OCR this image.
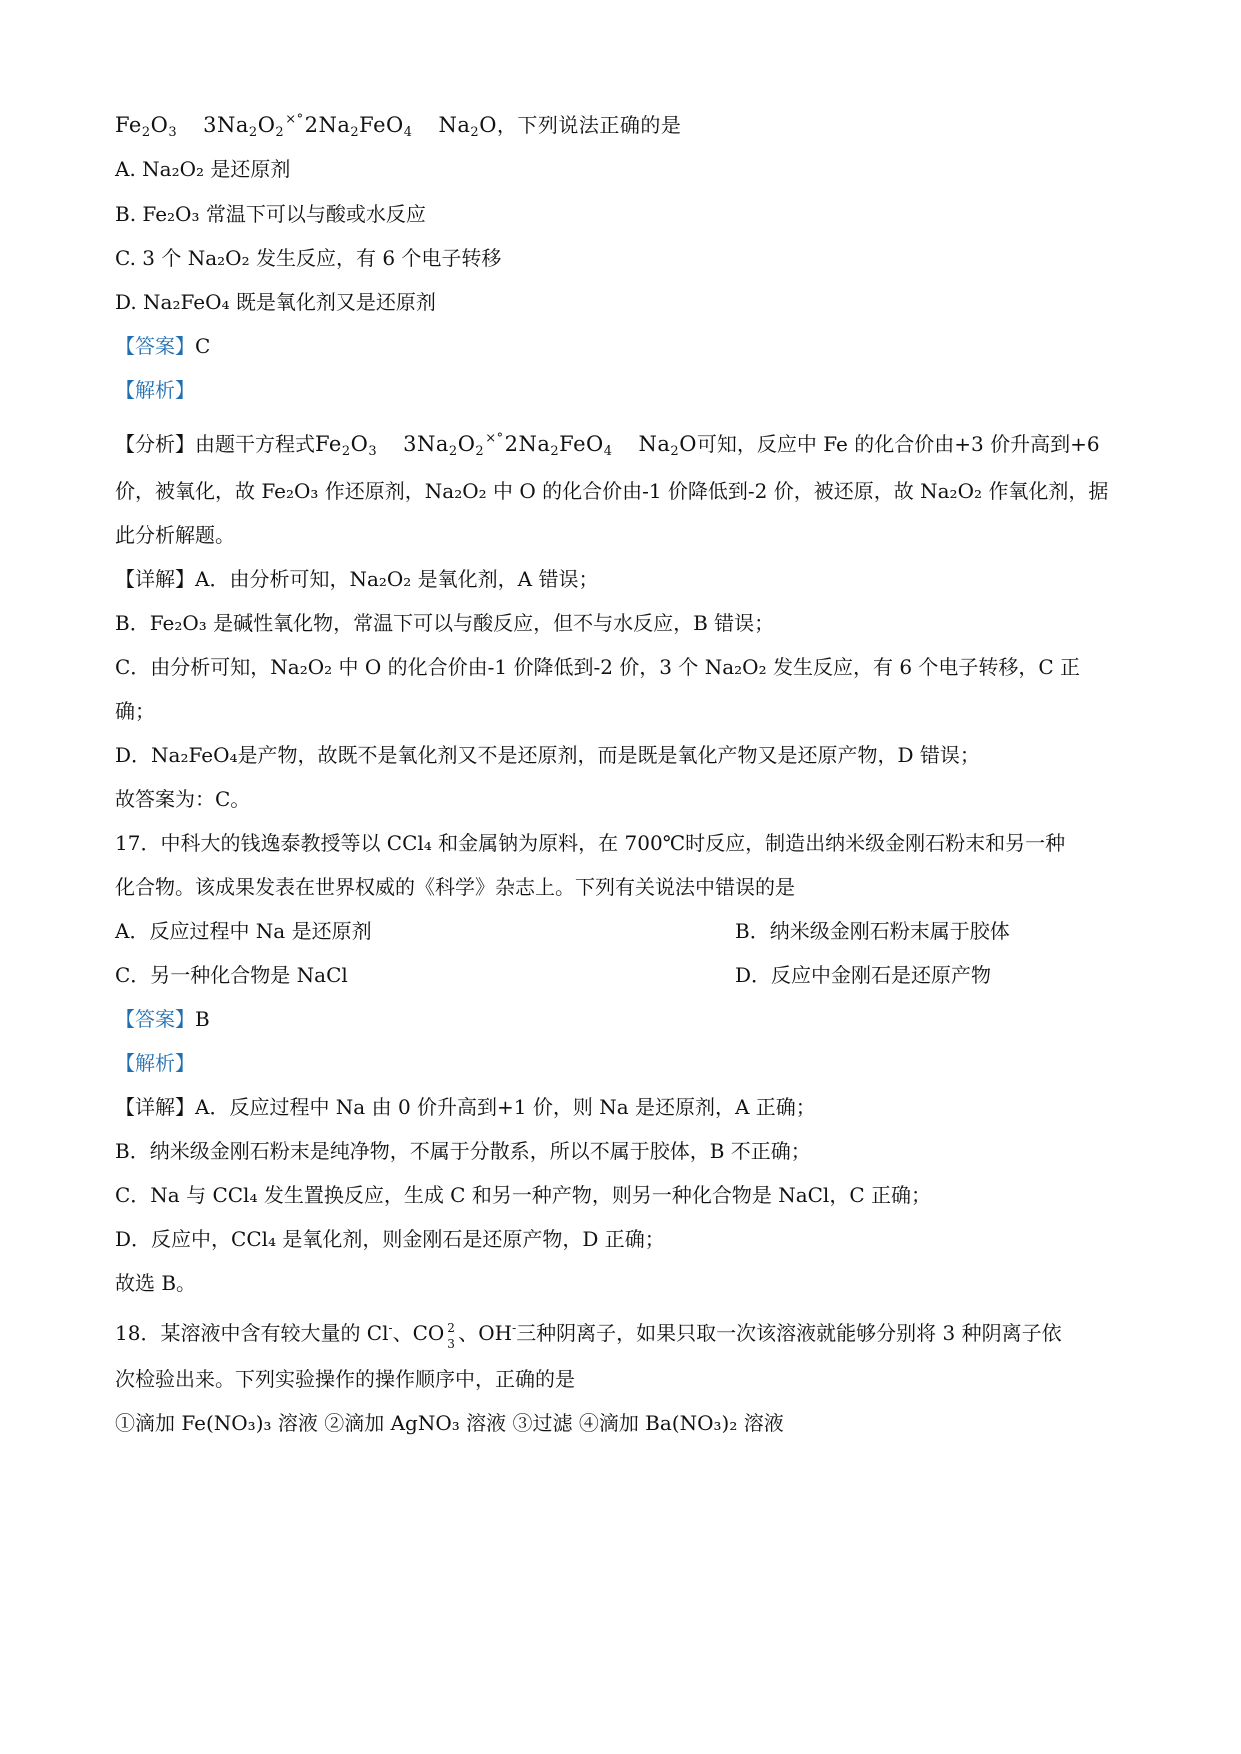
$Fe_2O_3$ $3Na_2O_2^{\times^\circ}2Na_2FeO_4$ $Na_2O$，下列说法正确的是
A. Na₂O₂ 是还原剂
B. Fe₂O₃ 常温下可以与酸或水反应
C. 3 个 Na₂O₂ 发生反应，有 6 个电子转移
D. Na₂FeO₄ 既是氧化剂又是还原剂
【答案】C
【解析】
【分析】由题干方程式$Fe_2O_3$ $3Na_2O_2^{\times^\circ}2Na_2FeO_4$ $Na_2O$可知，反应中 Fe 的化合价由+3 价升高到+6
价，被氧化，故 Fe₂O₃ 作还原剂，Na₂O₂ 中 O 的化合价由-1 价降低到-2 价，被还原，故 Na₂O₂ 作氧化剂，据
此分析解题。
【详解】A．由分析可知，Na₂O₂ 是氧化剂，A 错误；
B．Fe₂O₃ 是碱性氧化物，常温下可以与酸反应，但不与水反应，B 错误；
C．由分析可知，Na₂O₂ 中 O 的化合价由-1 价降低到-2 价，3 个 Na₂O₂ 发生反应，有 6 个电子转移，C 正
确；
D．Na₂FeO₄是产物，故既不是氧化剂又不是还原剂，而是既是氧化产物又是还原产物，D 错误；
故答案为：C。
17．中科大的钱逸泰教授等以 CCl₄ 和金属钠为原料，在 700℃时反应，制造出纳米级金刚石粉末和另一种
化合物。该成果发表在世界权威的《科学》杂志上。下列有关说法中错误的是
A．反应过程中 Na 是还原剂	B．纳米级金刚石粉末属于胶体
C．另一种化合物是 NaCl	D．反应中金刚石是还原产物
【答案】B
【解析】
【详解】A．反应过程中 Na 由 0 价升高到+1 价，则 Na 是还原剂，A 正确；
B．纳米级金刚石粉末是纯净物，不属于分散系，所以不属于胶体，B 不正确；
C．Na 与 CCl₄ 发生置换反应，生成 C 和另一种产物，则另一种化合物是 NaCl，C 正确；
D．反应中，CCl₄ 是氧化剂，则金刚石是还原产物，D 正确；
故选 B。
18．某溶液中含有较大量的 Cl-、CO 2
3 、OH-三种阴离子，如果只取一次该溶液就能够分别将 3 种阴离子依
次检验出来。下列实验操作的操作顺序中，正确的是
①滴加 Fe(NO₃)₃ 溶液 ②滴加 AgNO₃ 溶液 ③过滤 ④滴加 Ba(NO₃)₂ 溶液
